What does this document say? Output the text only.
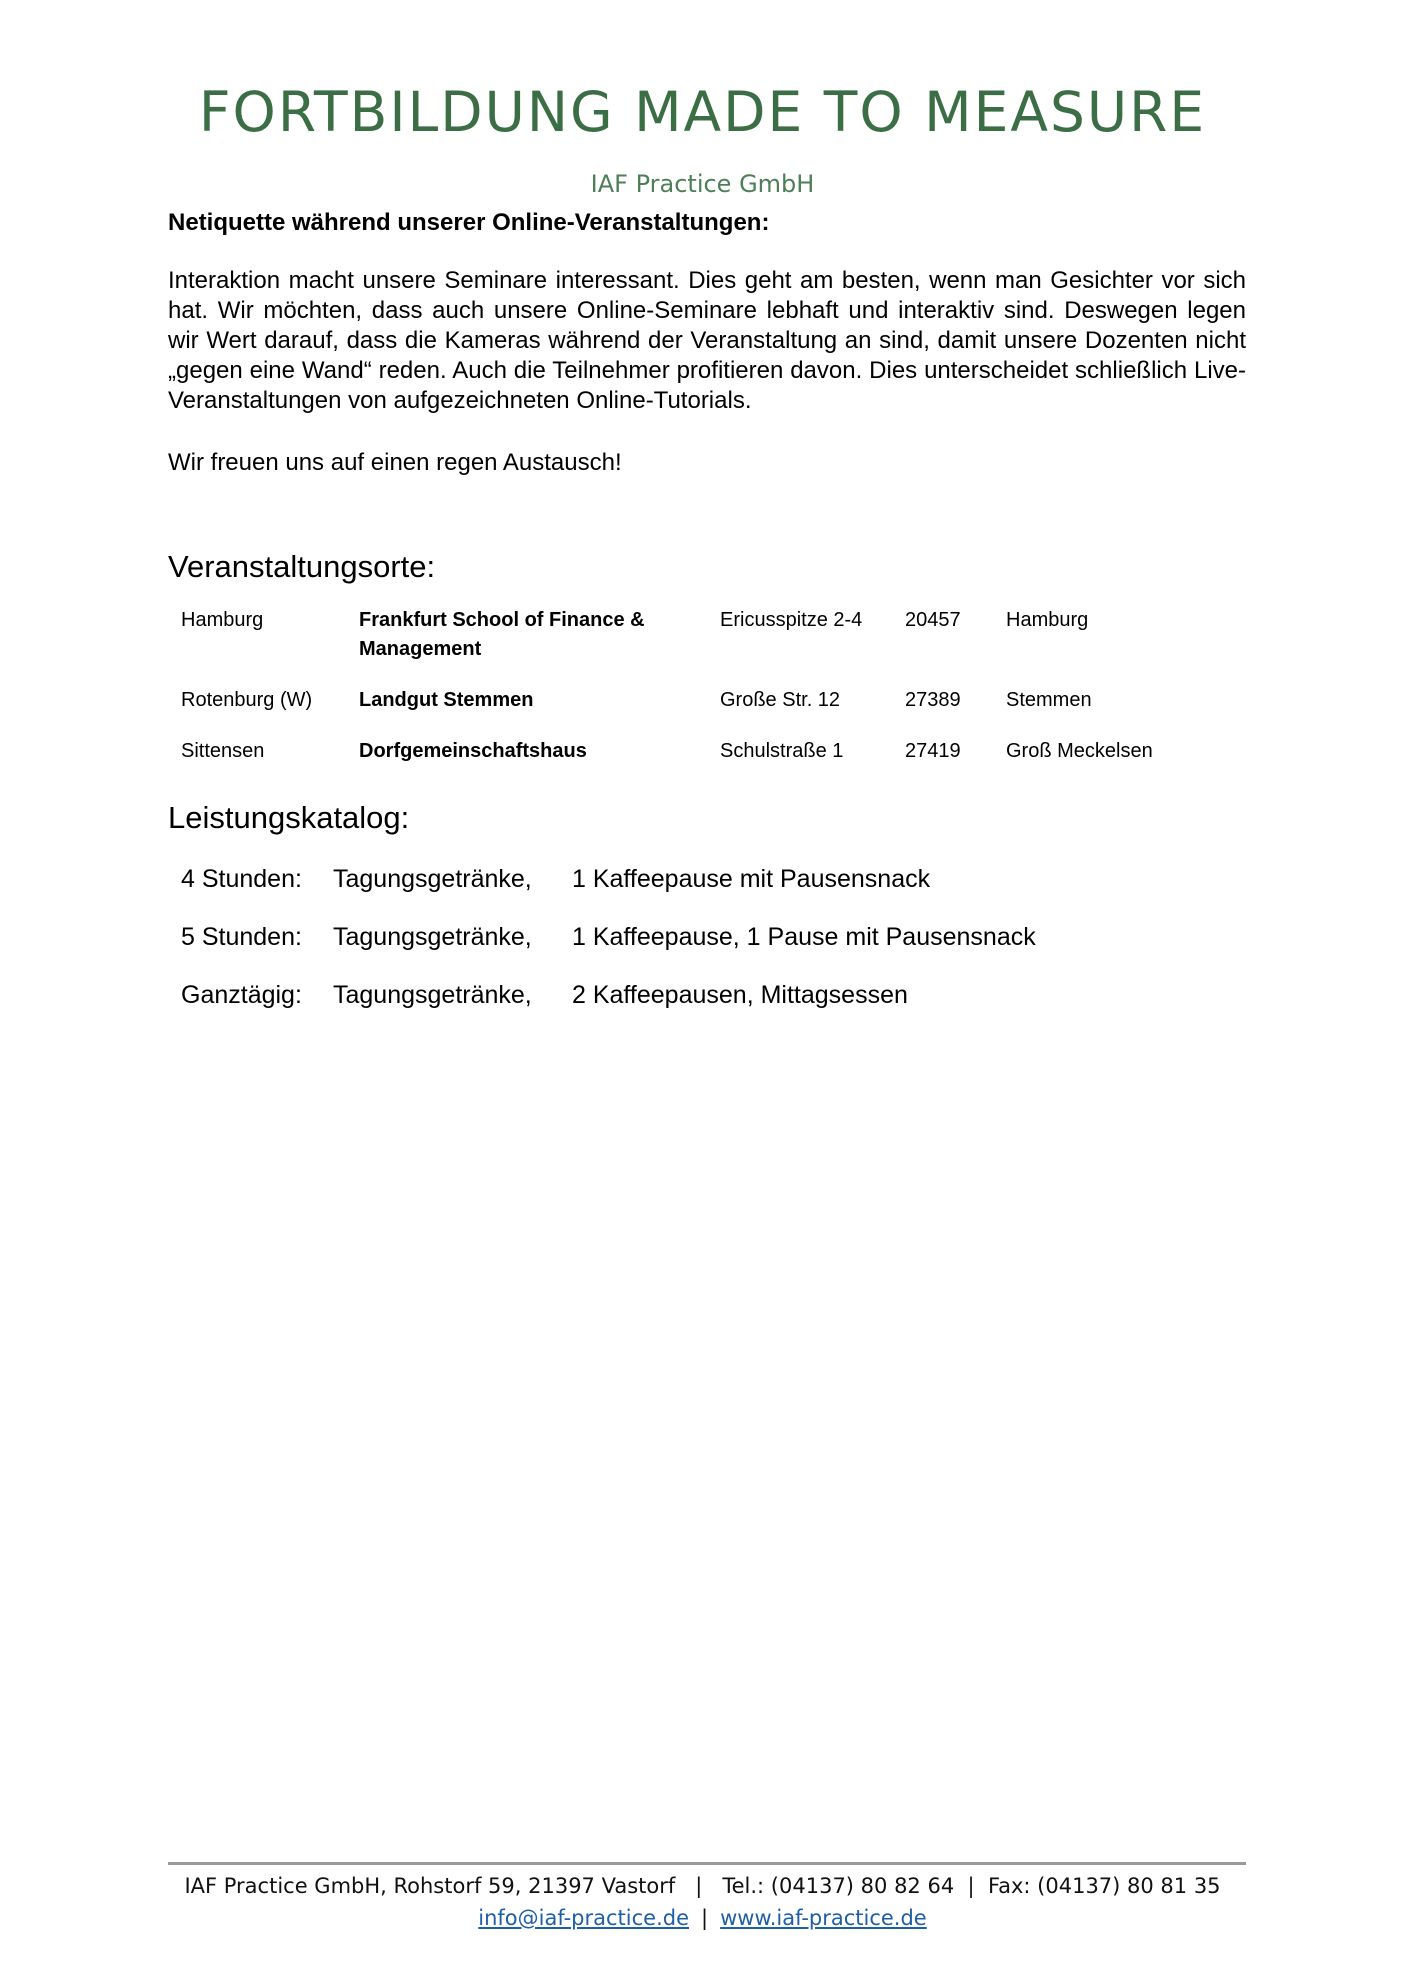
FORTBILDUNG MADE TO MEASURE
IAF Practice GmbH

Netiquette während unserer Online-Veranstaltungen:

Interaktion macht unsere Seminare interessant. Dies geht am besten, wenn man Gesichter vor sich hat. Wir möchten, dass auch unsere Online-Seminare lebhaft und interaktiv sind. Deswegen legen wir Wert darauf, dass die Kameras während der Veranstaltung an sind, damit unsere Dozenten nicht „gegen eine Wand“ reden. Auch die Teilnehmer profitieren davon. Dies unterscheidet schließlich Live-Veranstaltungen von aufgezeichneten Online-Tutorials.

Wir freuen uns auf einen regen Austausch!

Veranstaltungsorte:
Hamburg	Frankfurt School of Finance & Management	Ericusspitze 2-4	20457	Hamburg
Rotenburg (W)	Landgut Stemmen	Große Str. 12	27389	Stemmen
Sittensen	Dorfgemeinschaftshaus	Schulstraße 1	27419	Groß Meckelsen
Leistungskatalog:
4 Stunden:	Tagungsgetränke,	1 Kaffeepause mit Pausensnack
5 Stunden:	Tagungsgetränke,	1 Kaffeepause, 1 Pause mit Pausensnack
Ganztägig:	Tagungsgetränke,	2 Kaffeepausen, Mittagsessen
IAF Practice GmbH, Rohstorf 59, 21397 Vastorf   |   Tel.: (04137) 80 82 64  |  Fax: (04137) 80 81 35
info@iaf-practice.de | www.iaf-practice.de
